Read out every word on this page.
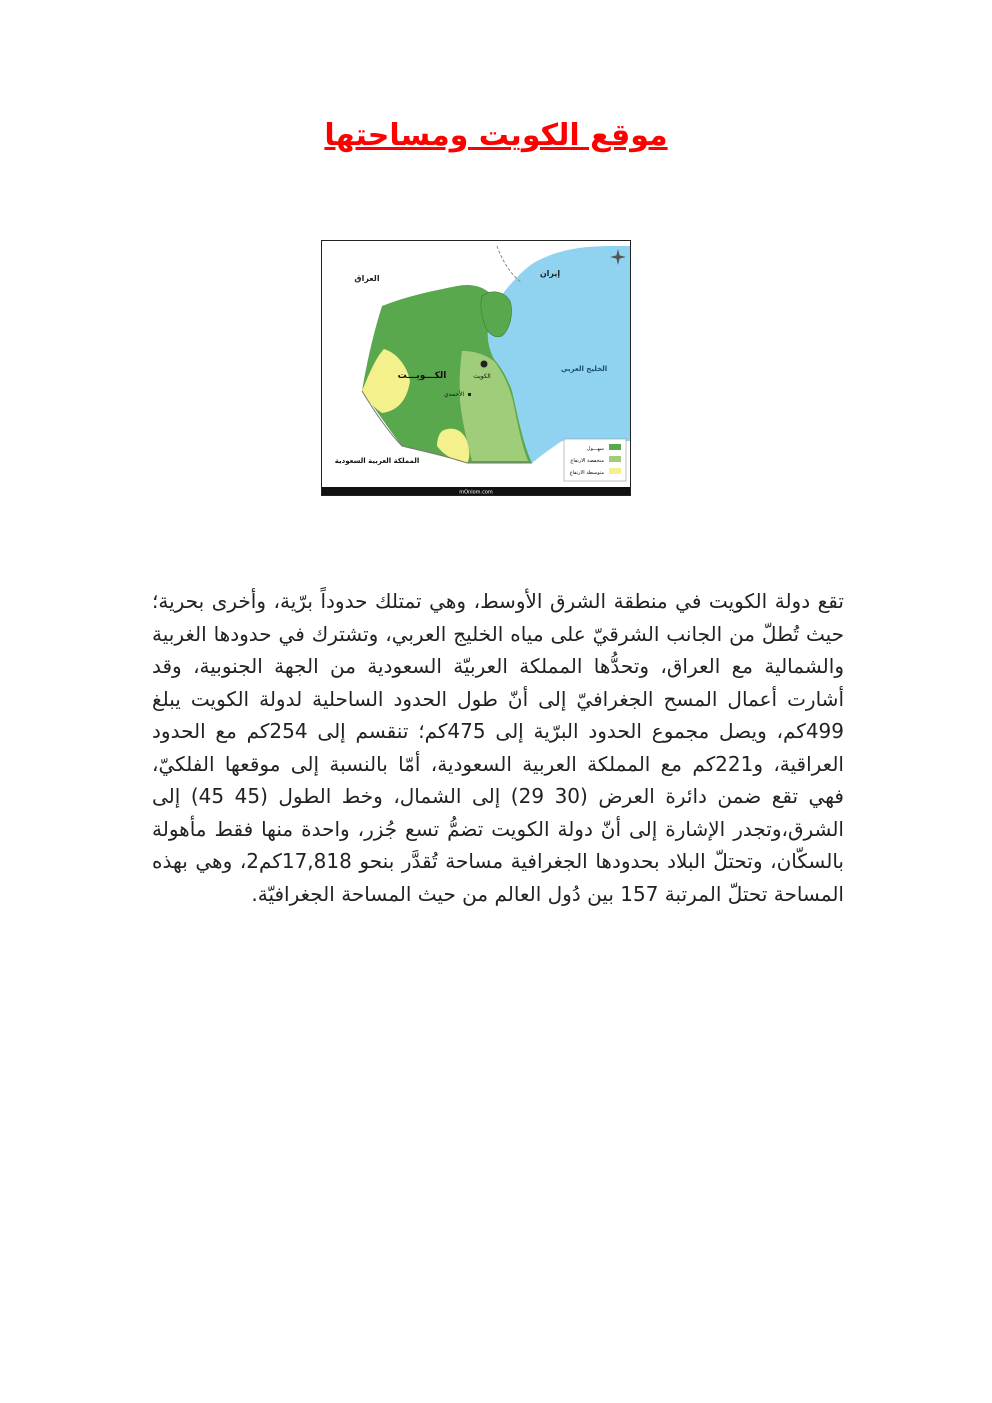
موقع الكويت ومساحتها
العراق
إيران
الخليج العربي
الكـــويـــت	الكويت
الأحمدي
المملكة العربية السعودية
سهـــول
منخفضة الارتفاع
متوسطة الارتفاع
mOnlom.com
تقع دولة الكويت في منطقة الشرق الأوسط، وهي تمتلك حدوداً برّية، وأخرى بحرية؛ حيث تُطلّ من الجانب الشرقيّ على مياه الخليج العربي، وتشترك في حدودها الغربية والشمالية مع العراق، وتحدُّها المملكة العربيّة السعودية من الجهة الجنوبية، وقد أشارت أعمال المسح الجغرافيّ إلى أنّ طول الحدود الساحلية لدولة الكويت يبلغ 499كم، ويصل مجموع الحدود البرّية إلى 475كم؛ تنقسم إلى 254كم مع الحدود العراقية، و221كم مع المملكة العربية السعودية، أمّا بالنسبة إلى موقعها الفلكيّ، فهي تقع ضمن دائرة العرض (30 29) إلى الشمال، وخط الطول (45 45) إلى الشرق،وتجدر الإشارة إلى أنّ دولة الكويت تضمُّ تسع جُزر، واحدة منها فقط مأهولة بالسكّان، وتحتلّ البلاد بحدودها الجغرافية مساحة تُقدَّر بنحو 17,818كم2، وهي بهذه المساحة تحتلّ المرتبة 157 بين دُول العالم من حيث المساحة الجغرافيّة.
